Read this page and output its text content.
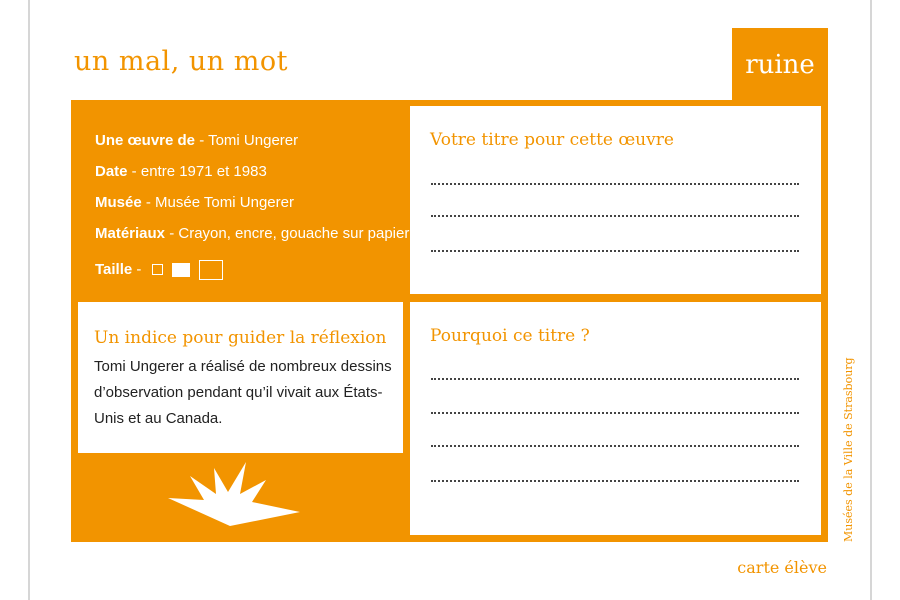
un mal, un mot	ruine
Une œuvre de - Tomi Ungerer
Date - entre 1971 et 1983
Musée - Musée Tomi Ungerer
Matériaux - Crayon, encre, gouache sur papier
Taille -
Votre titre pour cette œuvre
Un indice pour guider la réflexion
Tomi Ungerer a réalisé de nombreux dessins d’observation pendant qu’il vivait aux États-Unis et au Canada.
Pourquoi ce titre ?
Musées de la Ville de Strasbourg
carte élève
